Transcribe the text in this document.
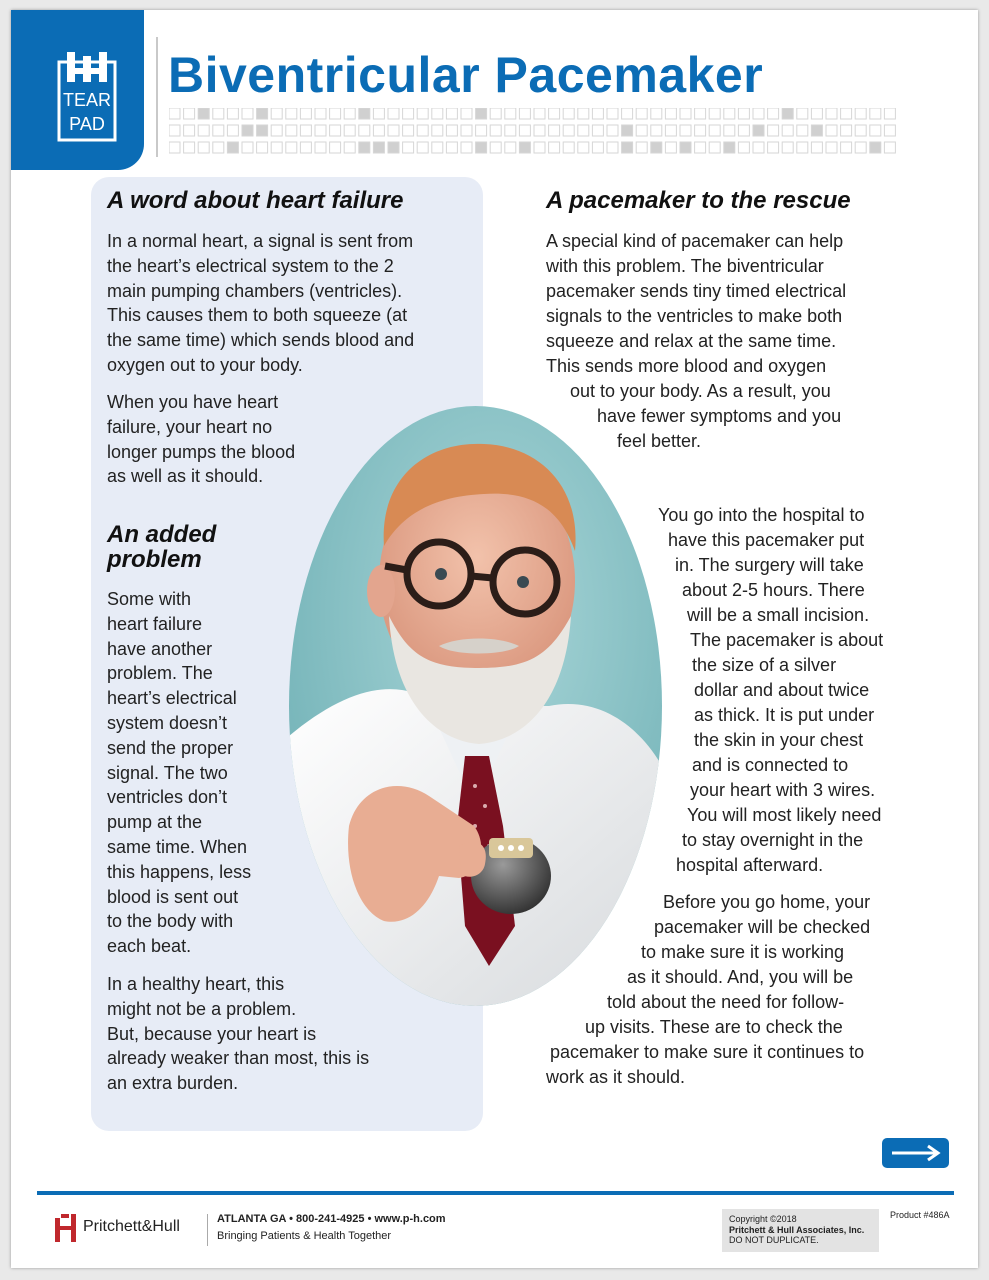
TEAR
PAD
Biventricular Pacemaker
A word about heart failure

In a normal heart, a signal is sent from
the heart’s electrical system to the 2
main pumping chambers (ventricles).
This causes them to both squeeze (at
the same time) which sends blood and
oxygen out to your body.

When you have heart
failure, your heart no
longer pumps the blood
as well as it should.

An added
problem

Some with
heart failure
have another
problem. The
heart’s electrical
system doesn’t
send the proper
signal. The two
ventricles don’t
pump at the
same time. When
this happens, less
blood is sent out
to the body with
each beat.

In a healthy heart, this
might not be a problem.
But, because your heart is
already weaker than most, this is
an extra burden.

A pacemaker to the rescue

A special kind of pacemaker can help

with this problem. The biventricular

pacemaker sends tiny timed electrical

signals to the ventricles to make both

squeeze and relax at the same time.

This sends more blood and oxygen

out to your body. As a result, you

have fewer symptoms and you

feel better.

You go into the hospital to

have this pacemaker put

in. The surgery will take

about 2-5 hours. There

will be a small incision.

The pacemaker is about

the size of a silver

dollar and about twice

as thick. It is put under

the skin in your chest

and is connected to

your heart with 3 wires.

You will most likely need

to stay overnight in the

hospital afterward.

Before you go home, your

pacemaker will be checked

to make sure it is working

as it should. And, you will be

told about the need for follow-

up visits. These are to check the

pacemaker to make sure it continues to

work as it should.

Pritchett&Hull	ATLANTA GA • 800-241-4925 • www.p-h.com
Bringing Patients & Health Together
Copyright ©2018
Pritchett & Hull Associates, Inc.
DO NOT DUPLICATE.
Product #486A
